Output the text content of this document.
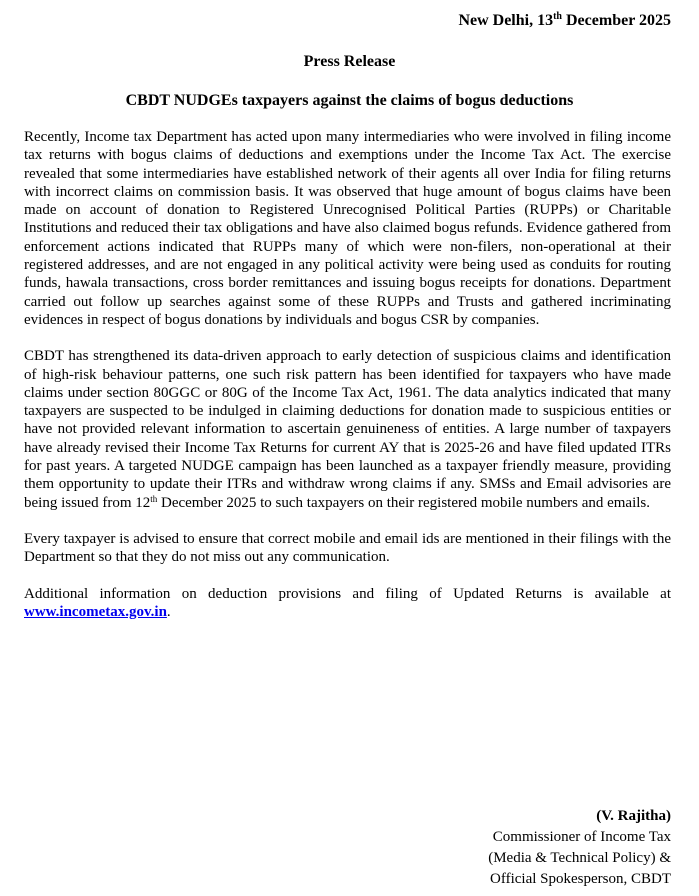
New Delhi, 13th December 2025
Press Release
CBDT NUDGEs taxpayers against the claims of bogus deductions

Recently, Income tax Department has acted upon many intermediaries who were involved in filing income tax returns with bogus claims of deductions and exemptions under the Income Tax Act. The exercise revealed that some intermediaries have established network of their agents all over India for filing returns with incorrect claims on commission basis. It was observed that huge amount of bogus claims have been made on account of donation to Registered Unrecognised Political Parties (RUPPs) or Charitable Institutions and reduced their tax obligations and have also claimed bogus refunds. Evidence gathered from enforcement actions indicated that RUPPs many of which were non-filers, non-operational at their registered addresses, and are not engaged in any political activity were being used as conduits for routing funds, hawala transactions, cross border remittances and issuing bogus receipts for donations. Department carried out follow up searches against some of these RUPPs and Trusts and gathered incriminating evidences in respect of bogus donations by individuals and bogus CSR by companies.

CBDT has strengthened its data-driven approach to early detection of suspicious claims and identification of high-risk behaviour patterns, one such risk pattern has been identified for taxpayers who have made claims under section 80GGC or 80G of the Income Tax Act, 1961. The data analytics indicated that many taxpayers are suspected to be indulged in claiming deductions for donation made to suspicious entities or have not provided relevant information to ascertain genuineness of entities. A large number of taxpayers have already revised their Income Tax Returns for current AY that is 2025-26 and have filed updated ITRs for past years. A targeted NUDGE campaign has been launched as a taxpayer friendly measure, providing them opportunity to update their ITRs and withdraw wrong claims if any. SMSs and Email advisories are being issued from 12th December 2025 to such taxpayers on their registered mobile numbers and emails.

Every taxpayer is advised to ensure that correct mobile and email ids are mentioned in their filings with the Department so that they do not miss out any communication.

Additional information on deduction provisions and filing of Updated Returns is available at www.incometax.gov.in.

(V. Rajitha)
Commissioner of Income Tax
(Media & Technical Policy) &
Official Spokesperson, CBDT
